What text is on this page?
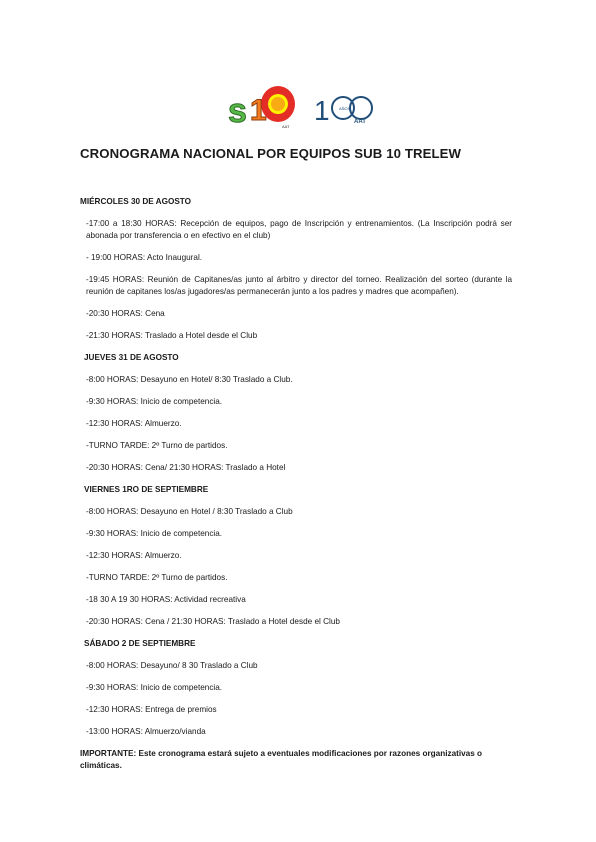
s 1	AAT
1 AÑOS
AAT
CRONOGRAMA NACIONAL POR EQUIPOS SUB 10 TRELEW
MIÉRCOLES 30 DE AGOSTO
-17:00 a 18:30 HORAS: Recepción de equipos, pago de Inscripción y entrenamientos. (La Inscripción podrá ser abonada por transferencia o en efectivo en el club)
- 19:00 HORAS: Acto Inaugural.
-19:45 HORAS: Reunión de Capitanes/as junto al árbitro y director del torneo. Realización del sorteo (durante la reunión de capitanes los/as jugadores/as permanecerán junto a los padres y madres que acompañen).
-20:30 HORAS: Cena
-21:30 HORAS: Traslado a Hotel desde el Club
JUEVES 31 DE AGOSTO
-8:00 HORAS: Desayuno en Hotel/ 8:30 Traslado a Club.
-9:30 HORAS: Inicio de competencia.
-12:30 HORAS: Almuerzo.
-TURNO TARDE: 2º Turno de partidos.
-20:30 HORAS: Cena/ 21:30 HORAS: Traslado a Hotel
VIERNES 1RO DE SEPTIEMBRE
-8:00 HORAS: Desayuno en Hotel / 8:30 Traslado a Club
-9:30 HORAS: Inicio de competencia.
-12:30 HORAS: Almuerzo.
-TURNO TARDE: 2º Turno de partidos.
-18 30 A 19 30 HORAS: Actividad recreativa
-20:30 HORAS: Cena / 21:30 HORAS: Traslado a Hotel desde el Club
SÁBADO 2 DE SEPTIEMBRE
-8:00 HORAS: Desayuno/ 8 30 Traslado a Club
-9:30 HORAS: Inicio de competencia.
-12:30 HORAS: Entrega de premios
-13:00 HORAS: Almuerzo/vianda
IMPORTANTE: Este cronograma estará sujeto a eventuales modificaciones por razones organizativas o climáticas.
